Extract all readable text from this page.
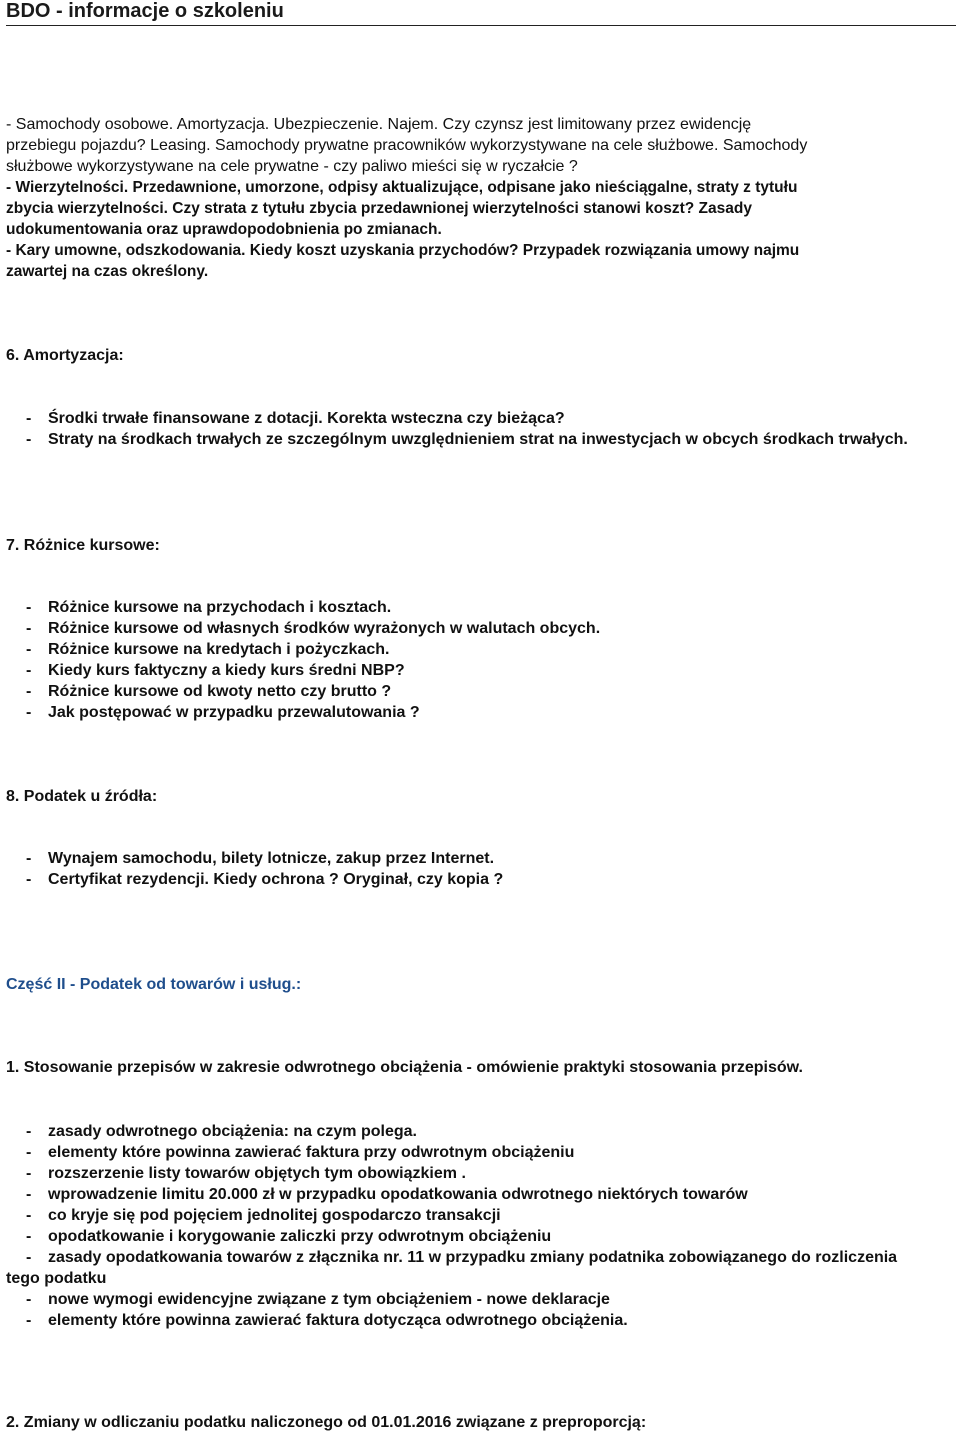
BDO - informacje o szkoleniu
- Samochody osobowe. Amortyzacja. Ubezpieczenie. Najem. Czy czynsz jest limitowany przez ewidencję
przebiegu pojazdu? Leasing. Samochody prywatne pracowników wykorzystywane na cele służbowe. Samochody
służbowe wykorzystywane na cele prywatne - czy paliwo mieści się w ryczałcie ?
- Wierzytelności. Przedawnione, umorzone, odpisy aktualizujące, odpisane jako nieściągalne, straty z tytułu
zbycia wierzytelności. Czy strata z tytułu zbycia przedawnionej wierzytelności stanowi koszt? Zasady
udokumentowania oraz uprawdopodobnienia po zmianach.
- Kary umowne, odszkodowania. Kiedy koszt uzyskania przychodów? Przypadek rozwiązania umowy najmu
zawartej na czas określony.
6. Amortyzacja:
- Środki trwałe finansowane z dotacji. Korekta wsteczna czy bieżąca?
- Straty na środkach trwałych ze szczególnym uwzględnieniem strat na inwestycjach w obcych środkach trwałych.
7. Różnice kursowe:
- Różnice kursowe na przychodach i kosztach.
- Różnice kursowe od własnych środków wyrażonych w walutach obcych.
- Różnice kursowe na kredytach i pożyczkach.
- Kiedy kurs faktyczny a kiedy kurs średni NBP?
- Różnice kursowe od kwoty netto czy brutto ?
- Jak postępować w przypadku przewalutowania ?
8. Podatek u źródła:
- Wynajem samochodu, bilety lotnicze, zakup przez Internet.
- Certyfikat rezydencji. Kiedy ochrona ? Oryginał, czy kopia ?
Część II - Podatek od towarów i usług.:
1. Stosowanie przepisów w zakresie odwrotnego obciążenia - omówienie praktyki stosowania przepisów.
- zasady odwrotnego obciążenia: na czym polega.
- elementy które powinna zawierać faktura przy odwrotnym obciążeniu
- rozszerzenie listy towarów objętych tym obowiązkiem .
- wprowadzenie limitu 20.000 zł w przypadku opodatkowania odwrotnego niektórych towarów
- co kryje się pod pojęciem jednolitej gospodarczo transakcji
- opodatkowanie i korygowanie zaliczki przy odwrotnym obciążeniu
- zasady opodatkowania towarów z złącznika nr. 11 w przypadku zmiany podatnika zobowiązanego do rozliczenia
tego podatku
- nowe wymogi ewidencyjne związane z tym obciążeniem - nowe deklaracje
- elementy które powinna zawierać faktura dotycząca odwrotnego obciążenia.
2. Zmiany w odliczaniu podatku naliczonego od 01.01.2016 związane z preproporcją:
